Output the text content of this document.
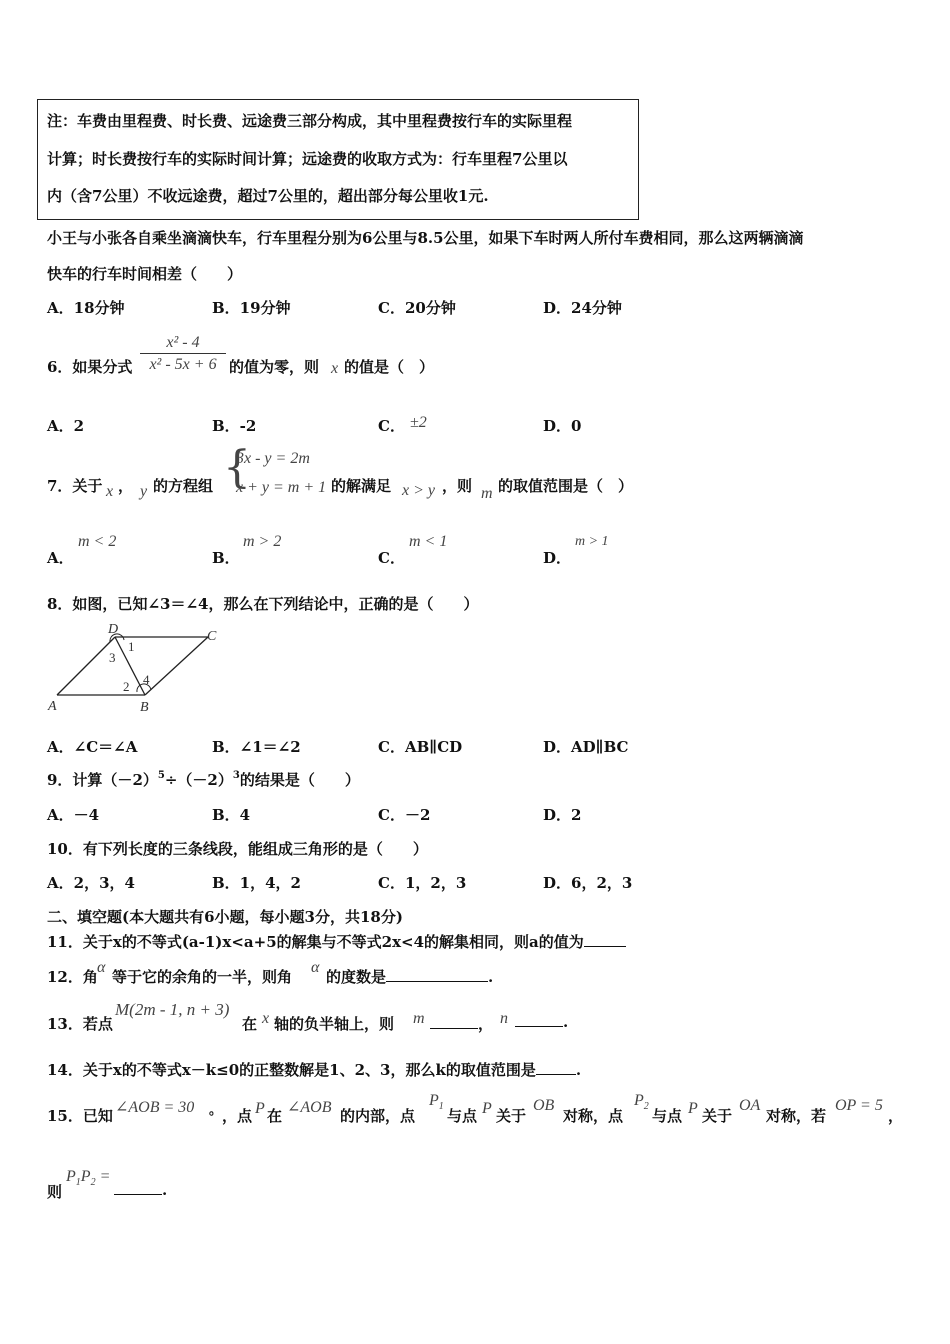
注：车费由里程费、时长费、远途费三部分构成，其中里程费按行车的实际里程
计算；时长费按行车的实际时间计算；远途费的收取方式为：行车里程7公里以
内（含7公里）不收远途费，超过7公里的，超出部分每公里收1元.
小王与小张各自乘坐滴滴快车，行车里程分别为6公里与8.5公里，如果下车时两人所付车费相同，那么这两辆滴滴
快车的行车时间相差（　　）
A．18分钟	B．19分钟	C．20分钟	D．24分钟
6．如果分式
x² - 4
x² - 5x + 6 的值为零，则 x 的值是（　）
A．2	B．-2	C． ±2	D．0
7．关于 x ， y 的方程组 {
3x - y = 2m
x + y = m + 1 的解满足 x > y ，则 m 的取值范围是（　）
A．
m < 2
B．
m > 2
C．
m < 1
D．
m > 1
8．如图，已知∠3＝∠4，那么在下列结论中，正确的是（　　）
A	B
C
D
1
2
3
4
A．∠C＝∠A	B．∠1＝∠2	C．AB∥CD	D．AD∥BC
9．计算$(-2)^5\div(-2)^3$的结果是（　　）
A．－4	B．4	C．－2	D．2
10．有下列长度的三条线段，能组成三角形的是（　　）
A．2，3，4	B．1，4，2	C．1，2，3	D．6，2，3
二、填空题(本大题共有6小题，每小题3分，共18分)
11．关于x的不等式(a-1)x<a+5的解集与不等式2x<4的解集相同，则a的值为
12．角
α
等于它的余角的一半，则角
α
的度数是	.
13．若点
M(2m - 1, n + 3)
在 x 轴的负半轴上，则 m	， n	.
14．关于x的不等式x－k≤0的正整数解是1、2、3，那么k的取值范围是	.
15．已知 ∠AOB = 30 。 ，点 P 在 ∠AOB 的内部，点
$P_1$
与点 P 关于
OB
对称，点
$P_2$
与点 P 关于
OA
对称，若
OP = 5
，
则
$P_1P_2$ =
.
